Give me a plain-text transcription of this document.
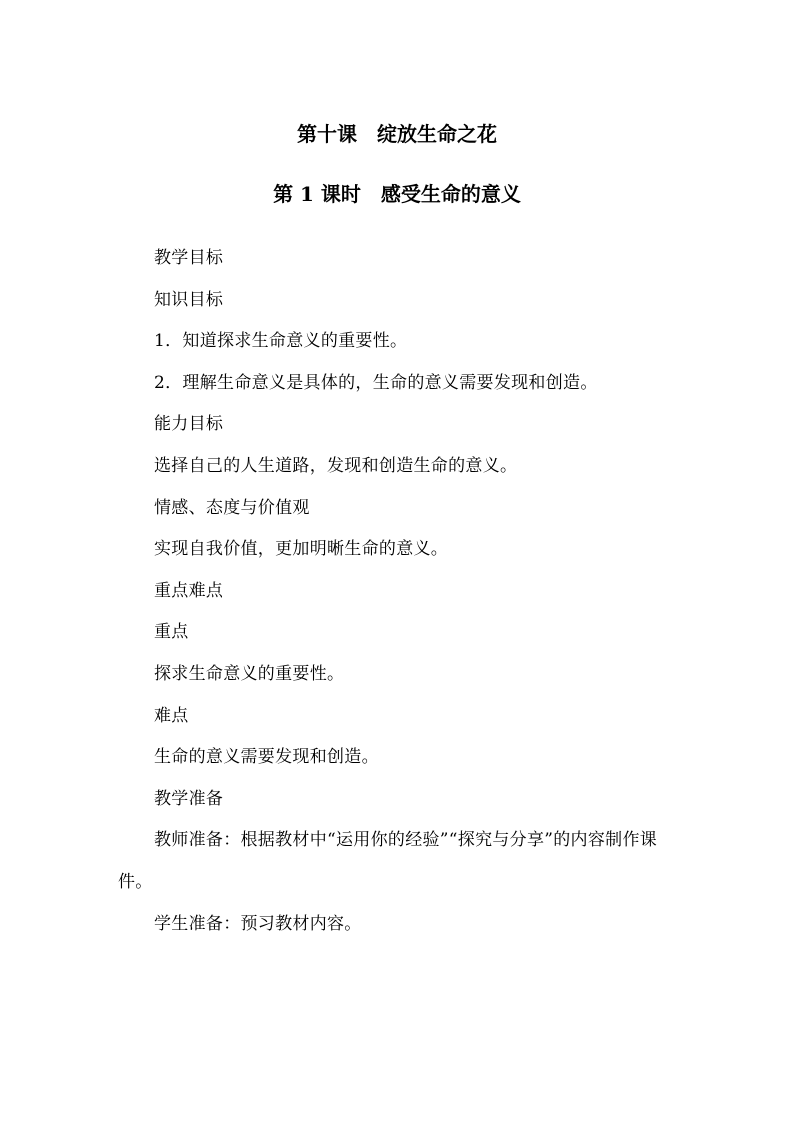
第十课　绽放生命之花
第 1 课时　感受生命的意义

教学目标

知识目标

1．知道探求生命意义的重要性。

2．理解生命意义是具体的，生命的意义需要发现和创造。

能力目标

选择自己的人生道路，发现和创造生命的意义。

情感、态度与价值观

实现自我价值，更加明晰生命的意义。

重点难点

重点

探求生命意义的重要性。

难点

生命的意义需要发现和创造。

教学准备

教师准备：根据教材中“运用你的经验”“探究与分享”的内容制作课件。

学生准备：预习教材内容。
